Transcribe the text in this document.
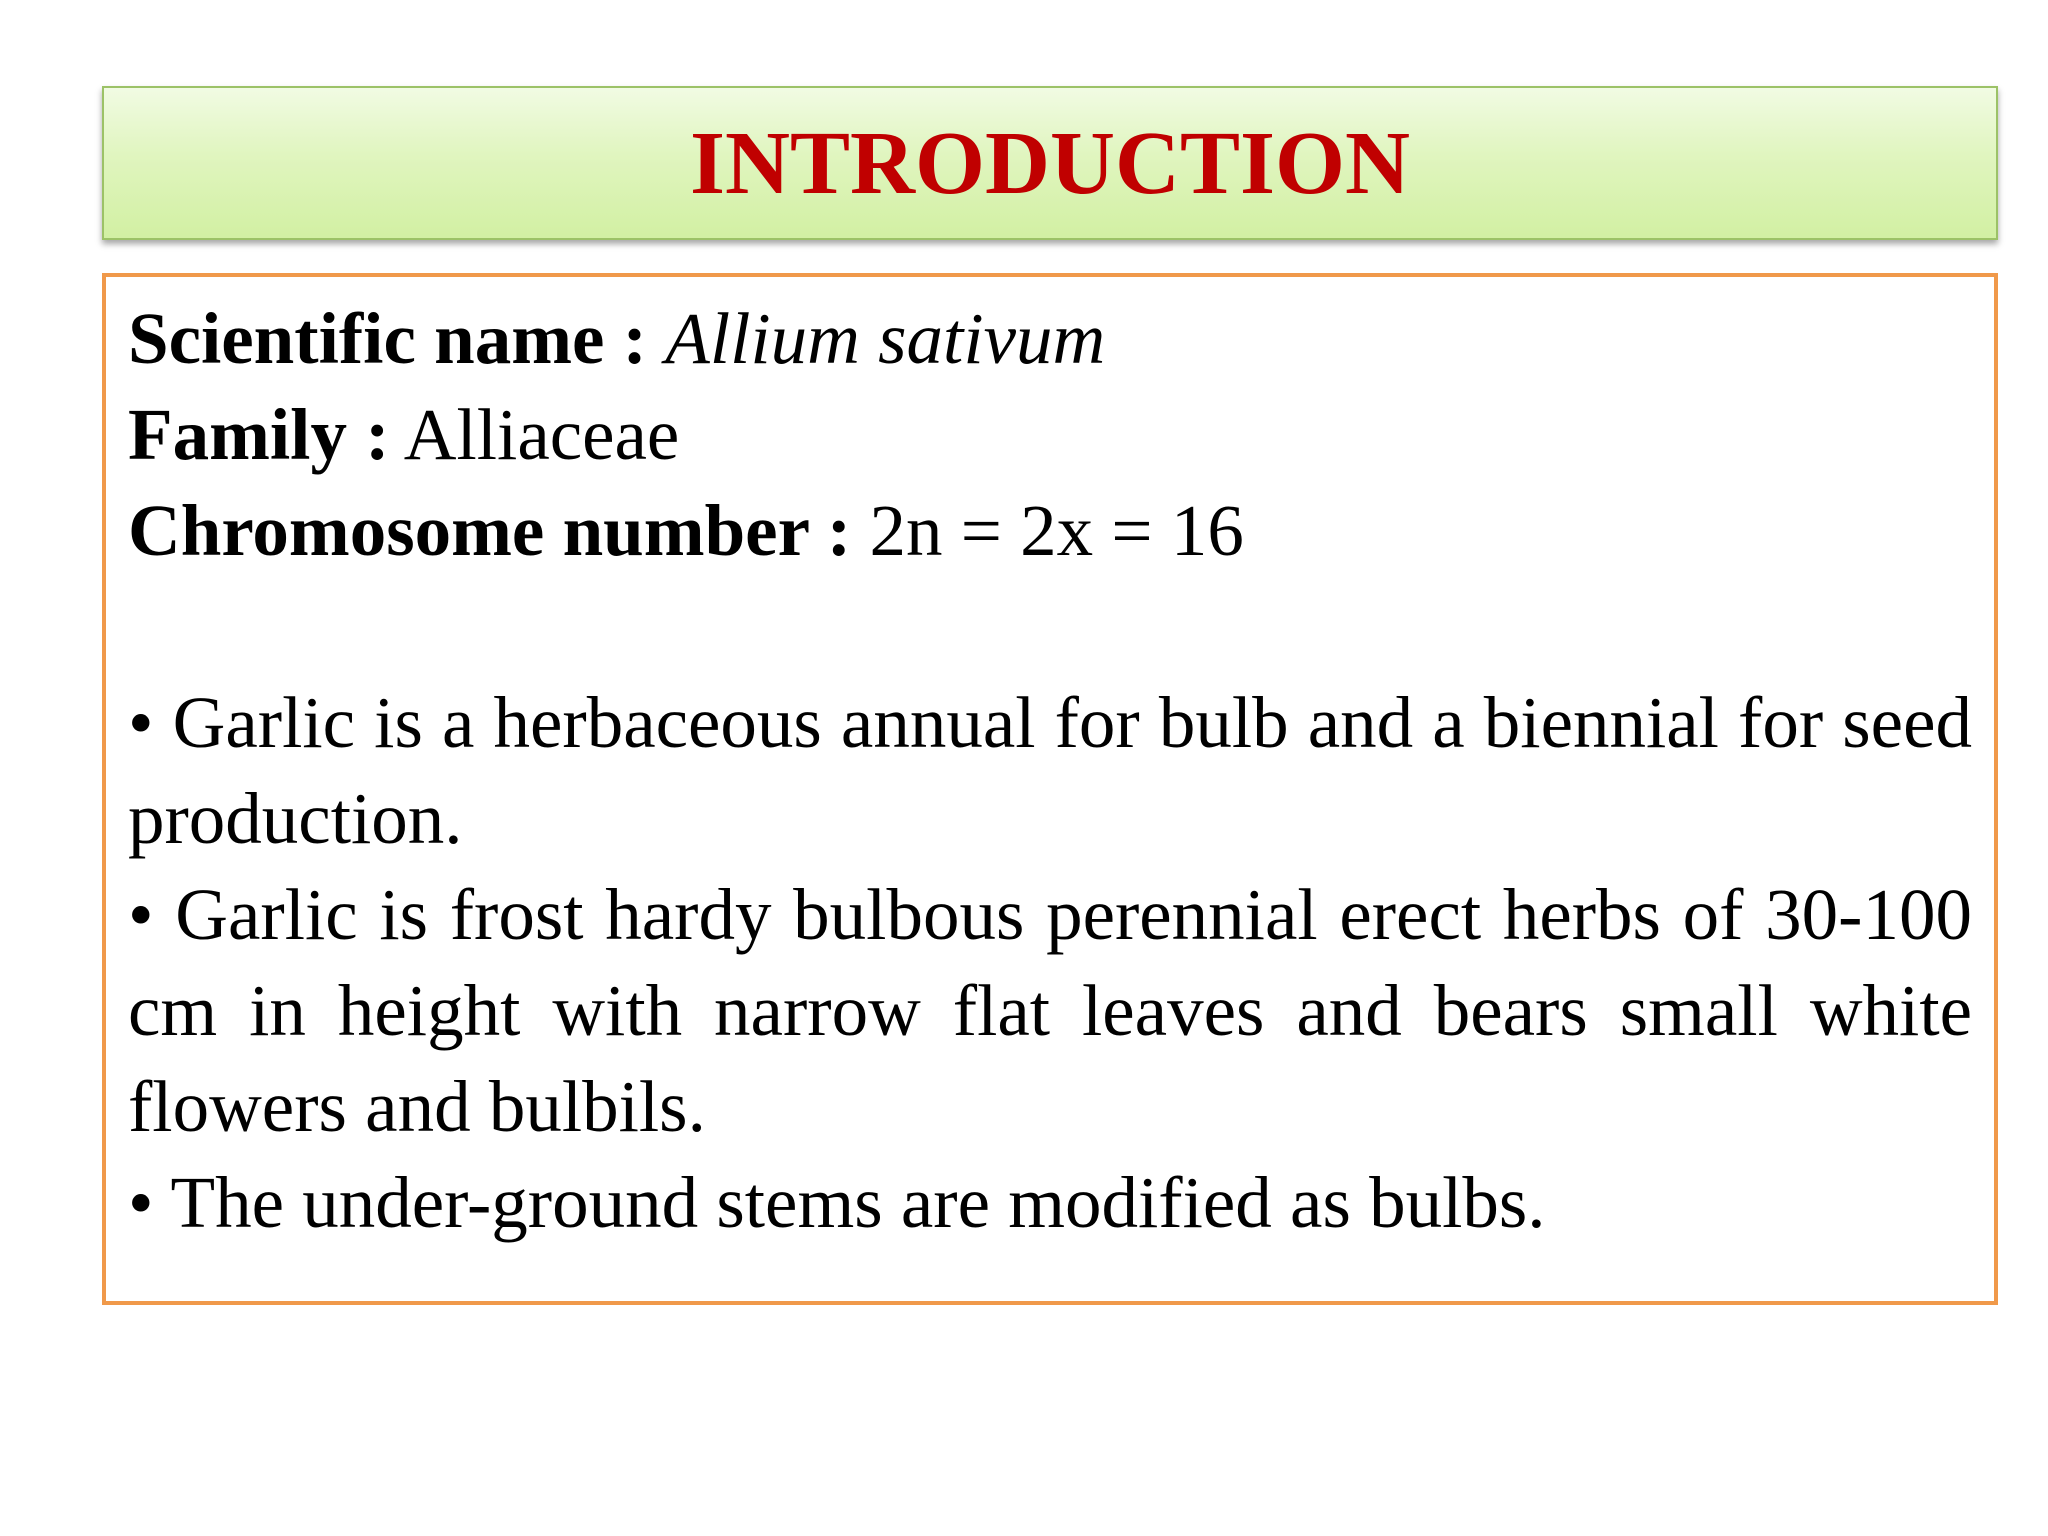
INTRODUCTION
Scientific name : Allium sativum
Family : Alliaceae
Chromosome number : 2n = 2x = 16
• Garlic is a herbaceous annual for bulb and a biennial for seed production.
• Garlic is frost hardy bulbous perennial erect herbs of 30-100 cm in height with narrow flat leaves and bears small white flowers and bulbils.
• The under-ground stems are modified as bulbs.
